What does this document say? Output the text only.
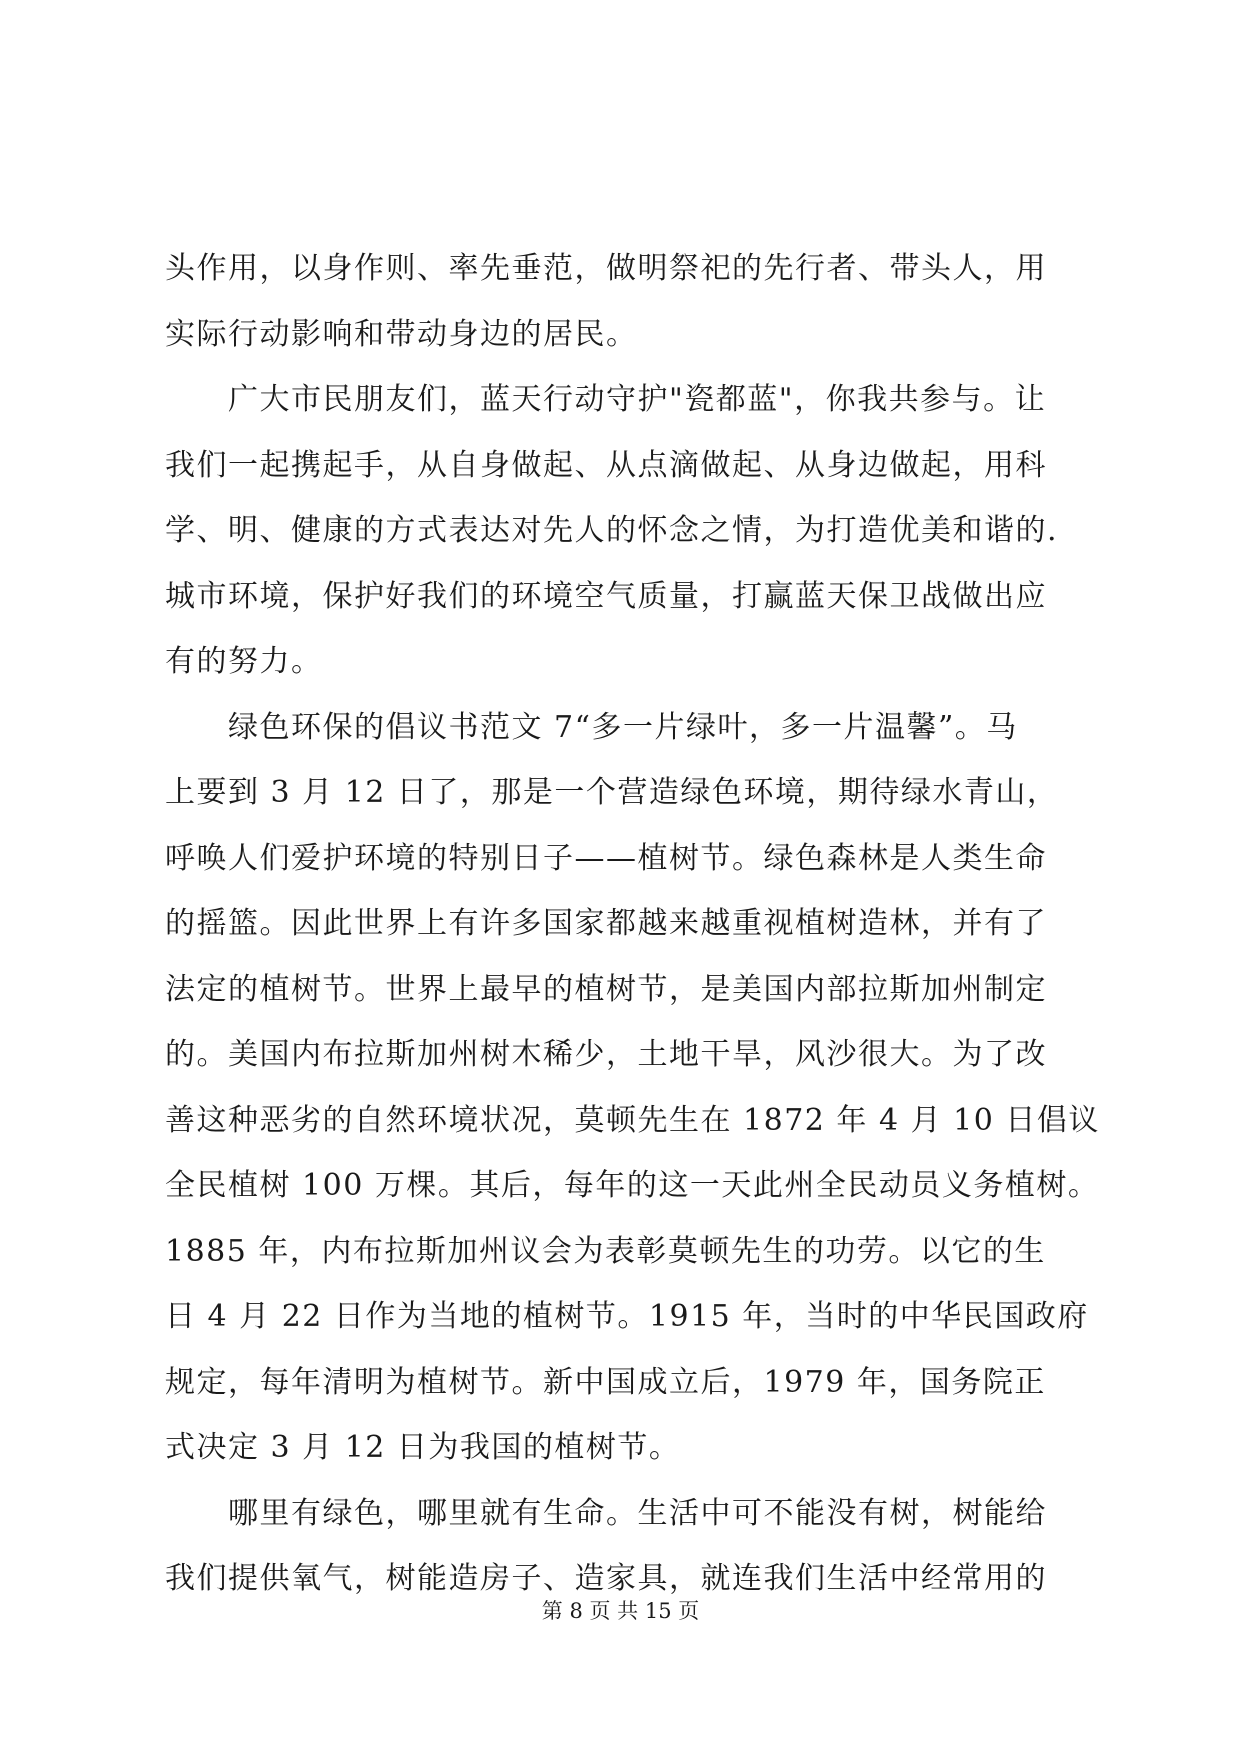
头作用，以身作则、率先垂范，做明祭祀的先行者、带头人，用
实际行动影响和带动身边的居民。
　　广大市民朋友们，蓝天行动守护"瓷都蓝"，你我共参与。让
我们一起携起手，从自身做起、从点滴做起、从身边做起，用科
学、明、健康的方式表达对先人的怀念之情，为打造优美和谐的.
城市环境，保护好我们的环境空气质量，打赢蓝天保卫战做出应
有的努力。
　　绿色环保的倡议书范文 7“多一片绿叶，多一片温馨”。马
上要到 3 月 12 日了，那是一个营造绿色环境，期待绿水青山，
呼唤人们爱护环境的特别日子——植树节。绿色森林是人类生命
的摇篮。因此世界上有许多国家都越来越重视植树造林，并有了
法定的植树节。世界上最早的植树节，是美国内部拉斯加州制定
的。美国内布拉斯加州树木稀少，土地干旱，风沙很大。为了改
善这种恶劣的自然环境状况，莫顿先生在 1872 年 4 月 10 日倡议
全民植树 100 万棵。其后，每年的这一天此州全民动员义务植树。
1885 年，内布拉斯加州议会为表彰莫顿先生的功劳。以它的生
日 4 月 22 日作为当地的植树节。1915 年，当时的中华民国政府
规定，每年清明为植树节。新中国成立后，1979 年，国务院正
式决定 3 月 12 日为我国的植树节。
　　哪里有绿色，哪里就有生命。生活中可不能没有树，树能给
我们提供氧气，树能造房子、造家具，就连我们生活中经常用的
第 8 页 共 15 页
